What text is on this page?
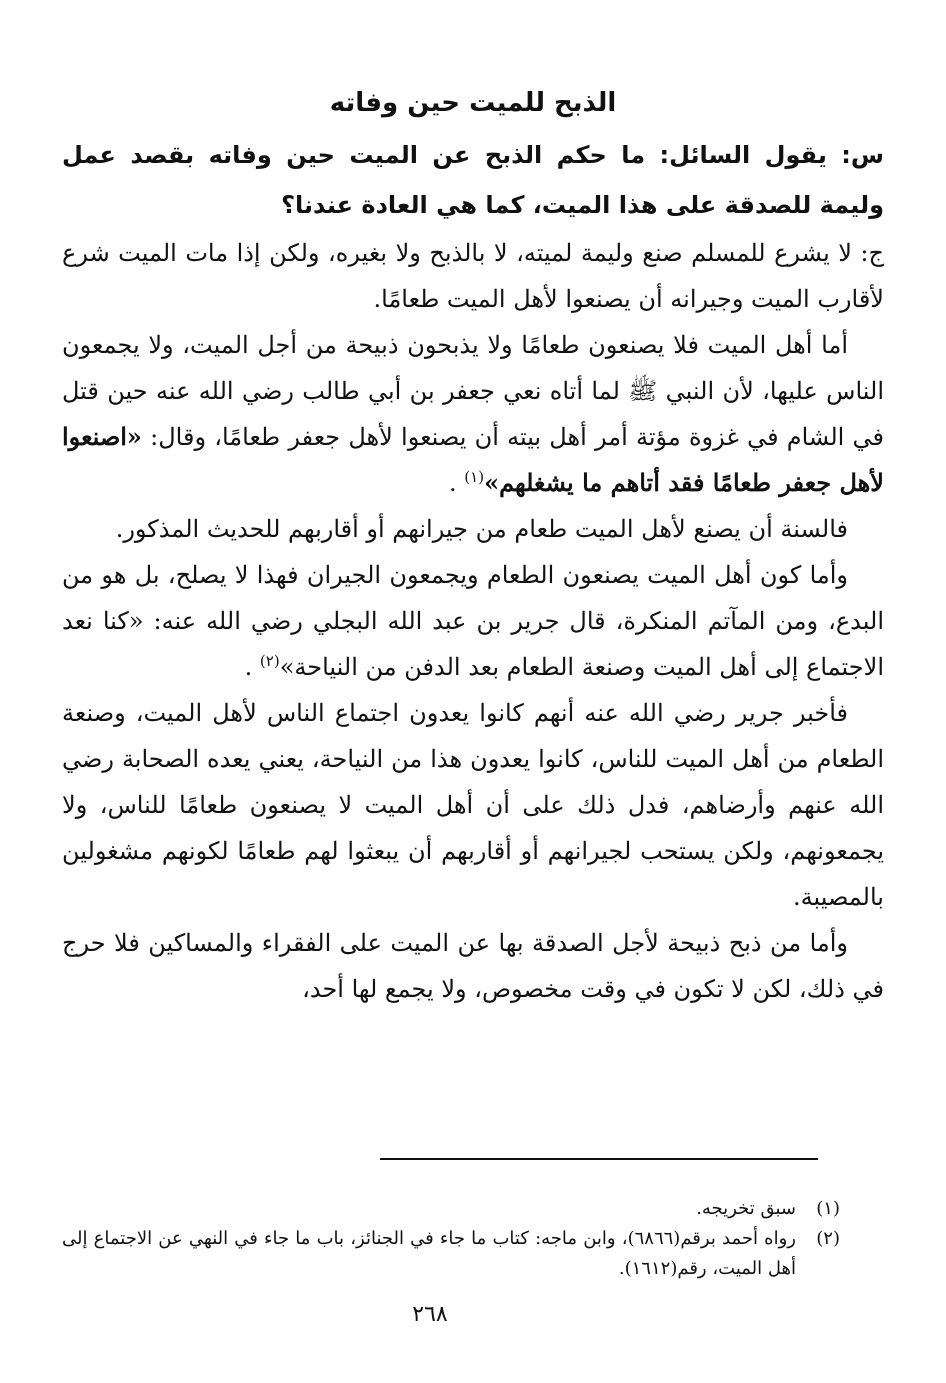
الذبح للميت حين وفاته

س: يقول السائل: ما حكم الذبح عن الميت حين وفاته بقصد عمل وليمة للصدقة على هذا الميت، كما هي العادة عندنا؟

ج: لا يشرع للمسلم صنع وليمة لميته، لا بالذبح ولا بغيره، ولكن إذا مات الميت شرع لأقارب الميت وجيرانه أن يصنعوا لأهل الميت طعامًا.

أما أهل الميت فلا يصنعون طعامًا ولا يذبحون ذبيحة من أجل الميت، ولا يجمعون الناس عليها، لأن النبي ﷺ لما أتاه نعي جعفر بن أبي طالب رضي الله عنه حين قتل في الشام في غزوة مؤتة أمر أهل بيته أن يصنعوا لأهل جعفر طعامًا، وقال: «اصنعوا لأهل جعفر طعامًا فقد أتاهم ما يشغلهم»$^{(١)}$ .

فالسنة أن يصنع لأهل الميت طعام من جيرانهم أو أقاربهم للحديث المذكور.

وأما كون أهل الميت يصنعون الطعام ويجمعون الجيران فهذا لا يصلح، بل هو من البدع، ومن المآتم المنكرة، قال جرير بن عبد الله البجلي رضي الله عنه: «كنا نعد الاجتماع إلى أهل الميت وصنعة الطعام بعد الدفن من النياحة»$^{(٢)}$ .

فأخبر جرير رضي الله عنه أنهم كانوا يعدون اجتماع الناس لأهل الميت، وصنعة الطعام من أهل الميت للناس، كانوا يعدون هذا من النياحة، يعني يعده الصحابة رضي الله عنهم وأرضاهم، فدل ذلك على أن أهل الميت لا يصنعون طعامًا للناس، ولا يجمعونهم، ولكن يستحب لجيرانهم أو أقاربهم أن يبعثوا لهم طعامًا لكونهم مشغولين بالمصيبة.

وأما من ذبح ذبيحة لأجل الصدقة بها عن الميت على الفقراء والمساكين فلا حرج في ذلك، لكن لا تكون في وقت مخصوص، ولا يجمع لها أحد،

(١)
سبق تخريجه.

(٢)
رواه أحمد برقم(٦٨٦٦)، وابن ماجه: كتاب ما جاء في الجنائز، باب ما جاء في النهي عن الاجتماع إلى أهل الميت، رقم(١٦١٢).

٢٦٨
